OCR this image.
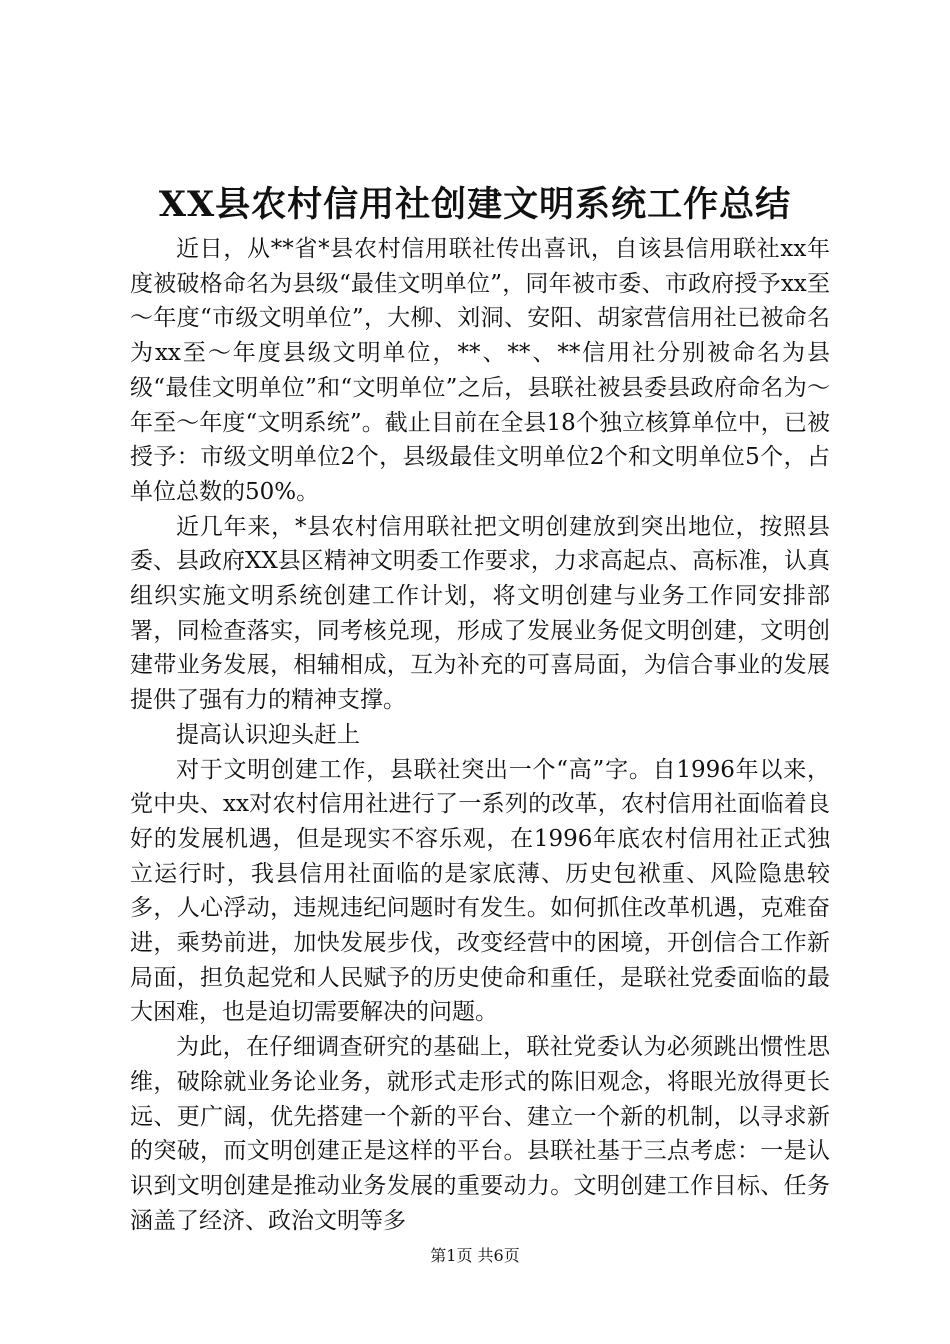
XX县农村信用社创建文明系统工作总结

近日，从**省*县农村信用联社传出喜讯，自该县信用联社xx年度被破格命名为县级“最佳文明单位”，同年被市委、市政府授予xx至～年度“市级文明单位”，大柳、刘洞、安阳、胡家营信用社已被命名为xx至～年度县级文明单位，**、**、**信用社分别被命名为县级“最佳文明单位”和“文明单位”之后，县联社被县委县政府命名为～年至～年度“文明系统”。截止目前在全县18个独立核算单位中，已被授予：市级文明单位2个，县级最佳文明单位2个和文明单位5个，占单位总数的50%。

近几年来，*县农村信用联社把文明创建放到突出地位，按照县委、县政府XX县区精神文明委工作要求，力求高起点、高标准，认真组织实施文明系统创建工作计划，将文明创建与业务工作同安排部署，同检查落实，同考核兑现，形成了发展业务促文明创建，文明创建带业务发展，相辅相成，互为补充的可喜局面，为信合事业的发展提供了强有力的精神支撑。

提高认识迎头赶上

对于文明创建工作，县联社突出一个“高”字。自1996年以来，党中央、xx对农村信用社进行了一系列的改革，农村信用社面临着良好的发展机遇，但是现实不容乐观，在1996年底农村信用社正式独立运行时，我县信用社面临的是家底薄、历史包袱重、风险隐患较多，人心浮动，违规违纪问题时有发生。如何抓住改革机遇，克难奋进，乘势前进，加快发展步伐，改变经营中的困境，开创信合工作新局面，担负起党和人民赋予的历史使命和重任，是联社党委面临的最大困难，也是迫切需要解决的问题。

为此，在仔细调查研究的基础上，联社党委认为必须跳出惯性思维，破除就业务论业务，就形式走形式的陈旧观念，将眼光放得更长远、更广阔，优先搭建一个新的平台、建立一个新的机制，以寻求新的突破，而文明创建正是这样的平台。县联社基于三点考虑：一是认识到文明创建是推动业务发展的重要动力。文明创建工作目标、任务涵盖了经济、政治文明等多

第1页 共6页
